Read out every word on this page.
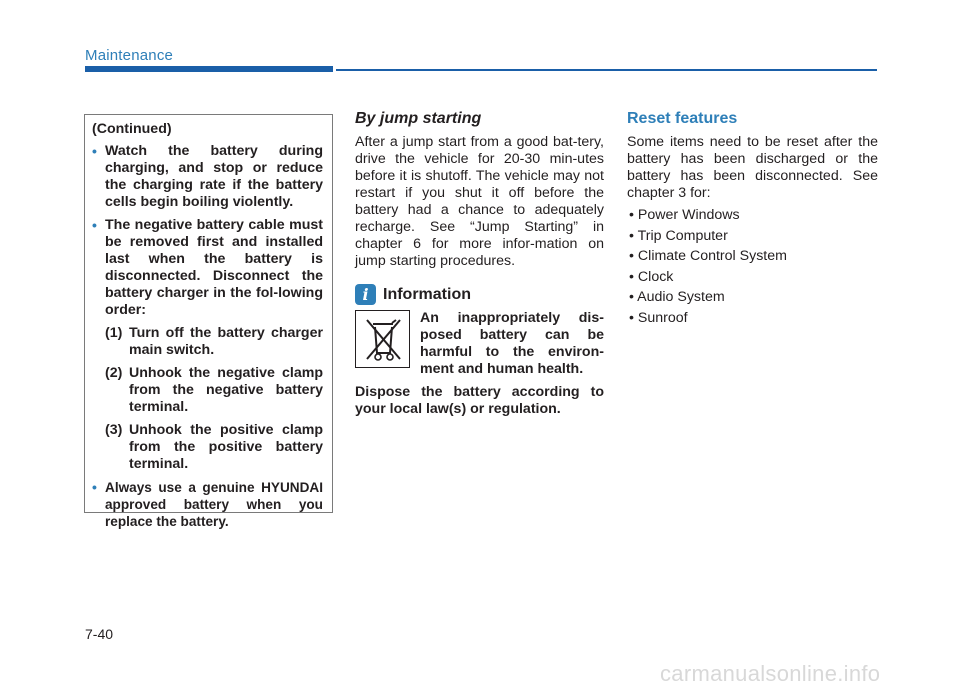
Maintenance
(Continued)
• Watch the battery during charging, and stop or reduce the charging rate if the battery cells begin boiling violently.
• The negative battery cable must be removed first and installed last when the battery is disconnected. Disconnect the battery charger in the fol-lowing order:
(1) Turn off the battery charger main switch.
(2) Unhook the negative clamp from the negative battery terminal.
(3) Unhook the positive clamp from the positive battery terminal.
• Always use a genuine HYUNDAI approved battery when you replace the battery.
By jump starting
After a jump start from a good bat-tery, drive the vehicle for 20-30 min-utes before it is shutoff. The vehicle may not restart if you shut it off before the battery had a chance to adequately recharge. See “Jump Starting” in chapter 6 for more infor-mation on jump starting procedures.
i Information
An inappropriately dis-posed battery can be harmful to the environ-ment and human health.
Dispose the battery according to your local law(s) or regulation.
Reset features
Some items need to be reset after the battery has been discharged or the battery has been disconnected. See chapter 3 for:
• Power Windows
• Trip Computer
• Climate Control System
• Clock
• Audio System
• Sunroof
7-40
carmanualsonline.info
